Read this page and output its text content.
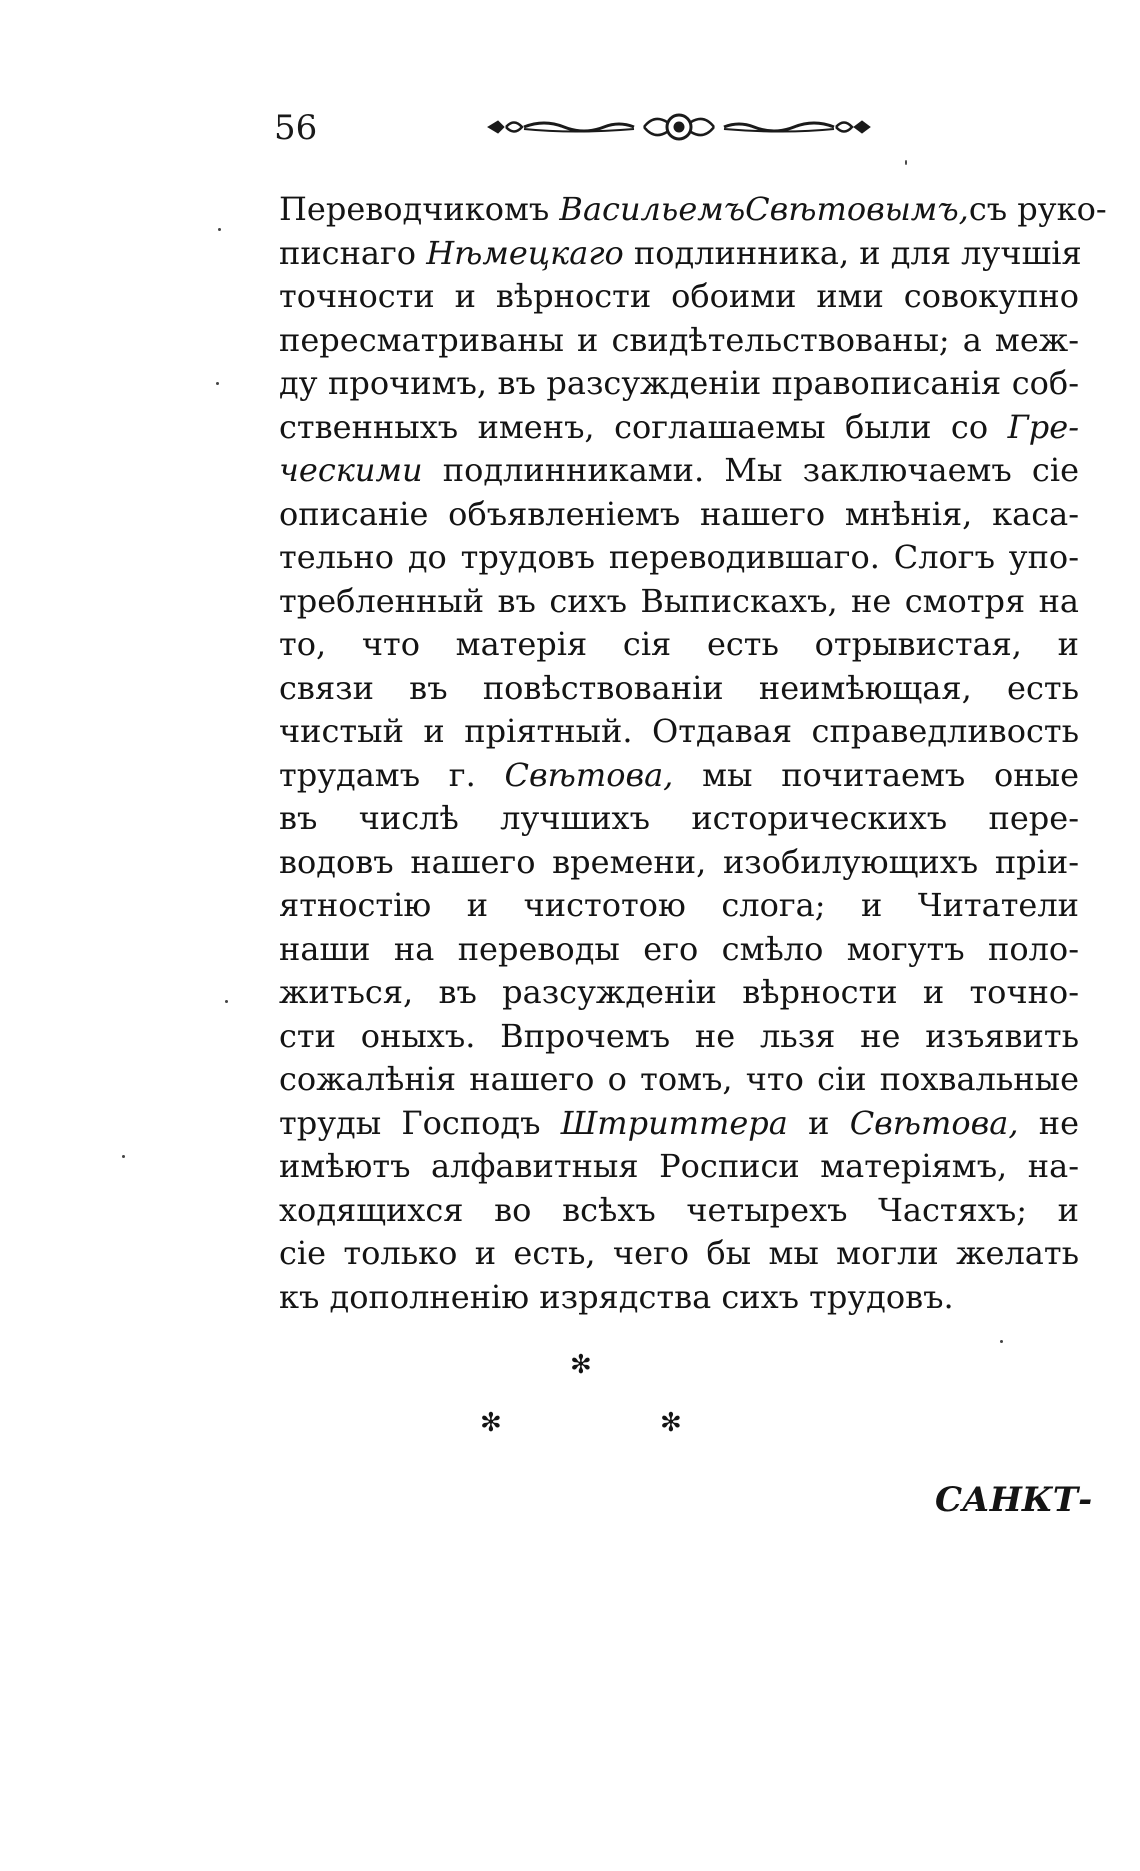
56
Переводчикомъ ВасильемъСвѣтовымъ,съ руко-
писнаго Нѣмецкаго подлинника, и для лучшія
точности и вѣрности обоими ими совокупно
пересматриваны и свидѣтельствованы; а меж-
ду прочимъ, въ разсужденіи правописанія соб-
ственныхъ именъ, соглашаемы были со Гре-
ческими подлинниками. Мы заключаемъ сіе
описаніе объявленіемъ нашего мнѣнія, каса-
тельно до трудовъ переводившаго. Слогъ упо-
требленный въ сихъ Выпискахъ, не смотря на
то, что матерія сія есть отрывистая, и
связи въ повѣствованіи неимѣющая, есть
чистый и пріятный. Отдавая справедливость
трудамъ г. Свѣтова, мы почитаемъ оные
въ числѣ лучшихъ историческихъ пере-
водовъ нашего времени, изобилующихъ пріи-
ятностію и чистотою слога; и Читатели
наши на переводы его смѣло могутъ поло-
житься, въ разсужденіи вѣрности и точно-
сти оныхъ. Впрочемъ не льзя не изъявить
сожалѣнія нашего о томъ, что сіи похвальные
труды Господъ Штриттера и Свѣтова, не
имѣютъ алфавитныя Росписи матеріямъ, на-
ходящихся во всѣхъ четырехъ Частяхъ; и
сіе только и есть, чего бы мы могли желать
къ дополненію изрядства сихъ трудовъ.
✻
✻	✻
САНКТ-
